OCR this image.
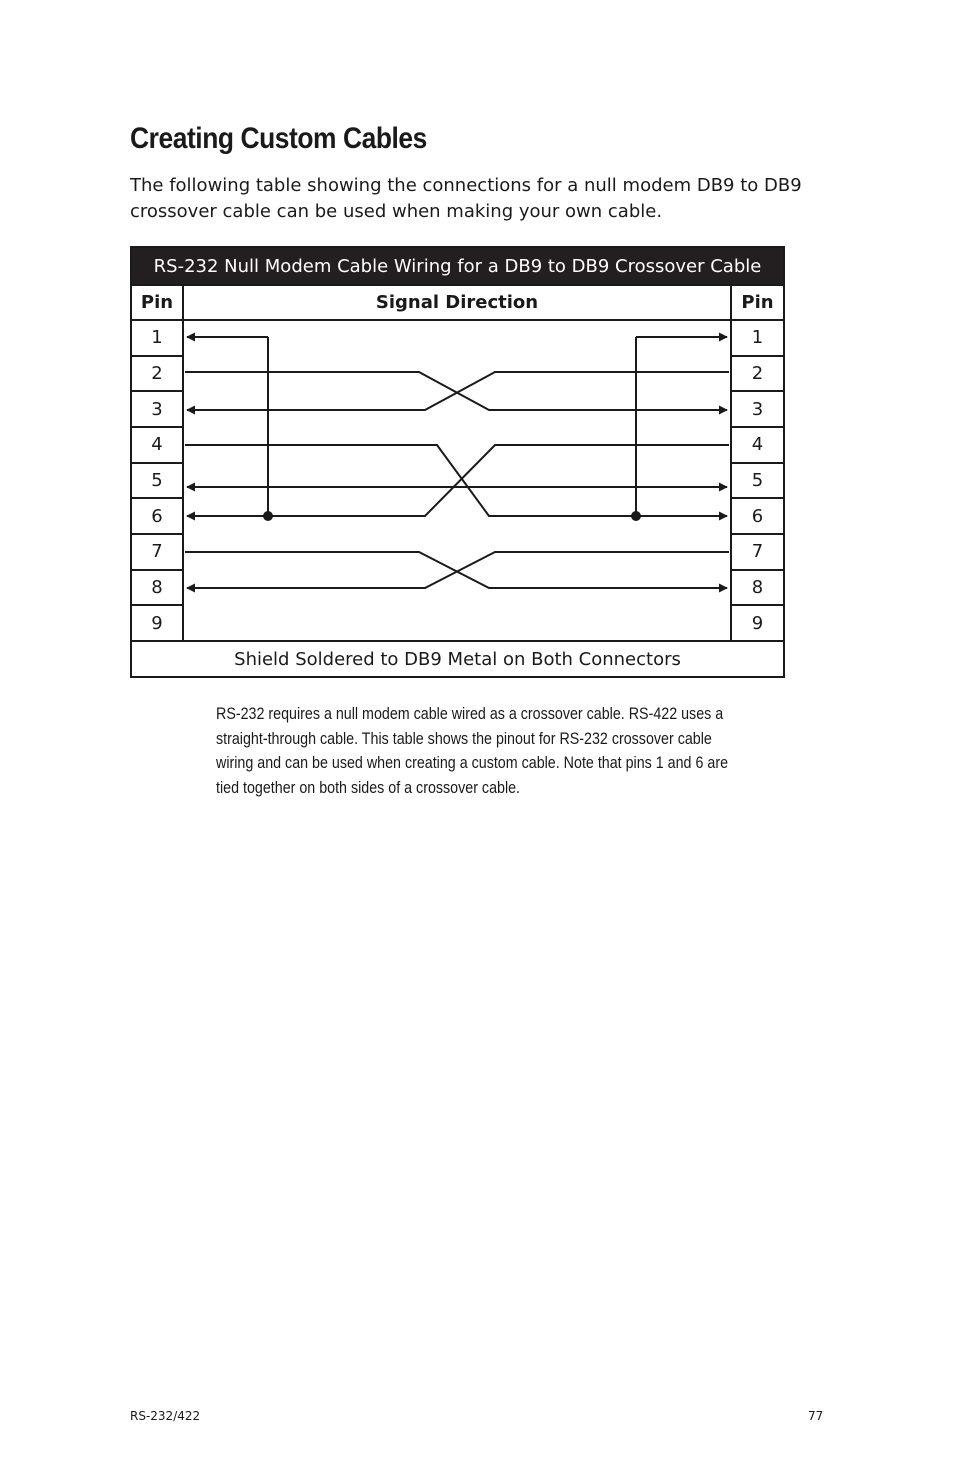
Creating Custom Cables

The following table showing the connections for a null modem DB9 to DB9 crossover cable can be used when making your own cable.

RS-232 Null Modem Cable Wiring for a DB9 to DB9 Crossover Cable		
Pin	Signal Direction	Pin
1		1
2		2
3		3
4		4
5		5
6		6
7		7
8		8
9		9
Shield Soldered to DB9 Metal on Both Connectors		

RS-232 requires a null modem cable wired as a crossover cable. RS-422 uses a straight-through cable. This table shows the pinout for RS-232 crossover cable wiring and can be used when creating a custom cable. Note that pins 1 and 6 are tied together on both sides of a crossover cable.

RS-232/422	77
